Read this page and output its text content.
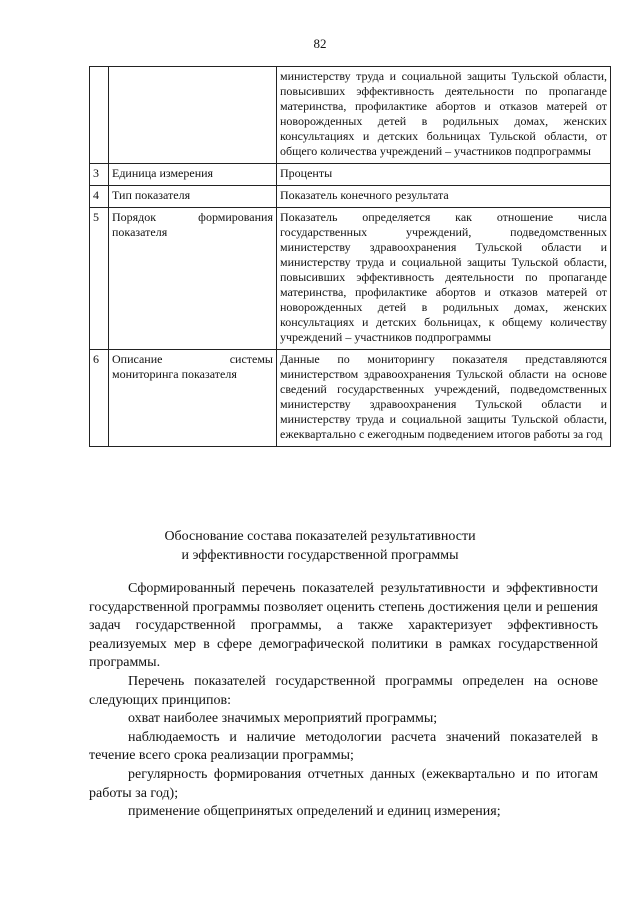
82
		министерству труда и социальной защиты Тульской области, повысивших эффективность деятельности по пропаганде материнства, профилактике абортов и отказов матерей от новорожденных детей в родильных домах, женских консультациях и детских больницах Тульской области, от общего количества учреждений – участников подпрограммы
3	Единица измерения	Проценты
4	Тип показателя	Показатель конечного результата
5	Порядок формирования показателя	Показатель определяется как отношение числа государственных учреждений, подведомственных министерству здравоохранения Тульской области и министерству труда и социальной защиты Тульской области, повысивших эффективность деятельности по пропаганде материнства, профилактике абортов и отказов матерей от новорожденных детей в родильных домах, женских консультациях и детских больницах, к общему количеству учреждений – участников подпрограммы
6	Описание системы мониторинга показателя	Данные по мониторингу показателя представляются министерством здравоохранения Тульской области на основе сведений государственных учреждений, подведомственных министерству здравоохранения Тульской области и министерству труда и социальной защиты Тульской области, ежеквартально с ежегодным подведением итогов работы за год
Обоснование состава показателей результативности
и эффективности государственной программы

Сформированный перечень показателей результативности и эффективности государственной программы позволяет оценить степень достижения цели и решения задач государственной программы, а также характеризует эффективность реализуемых мер в сфере демографической политики в рамках государственной программы.

Перечень показателей государственной программы определен на основе следующих принципов:

охват наиболее значимых мероприятий программы;

наблюдаемость и наличие методологии расчета значений показателей в течение всего срока реализации программы;

регулярность формирования отчетных данных (ежеквартально и по итогам работы за год);

применение общепринятых определений и единиц измерения;
